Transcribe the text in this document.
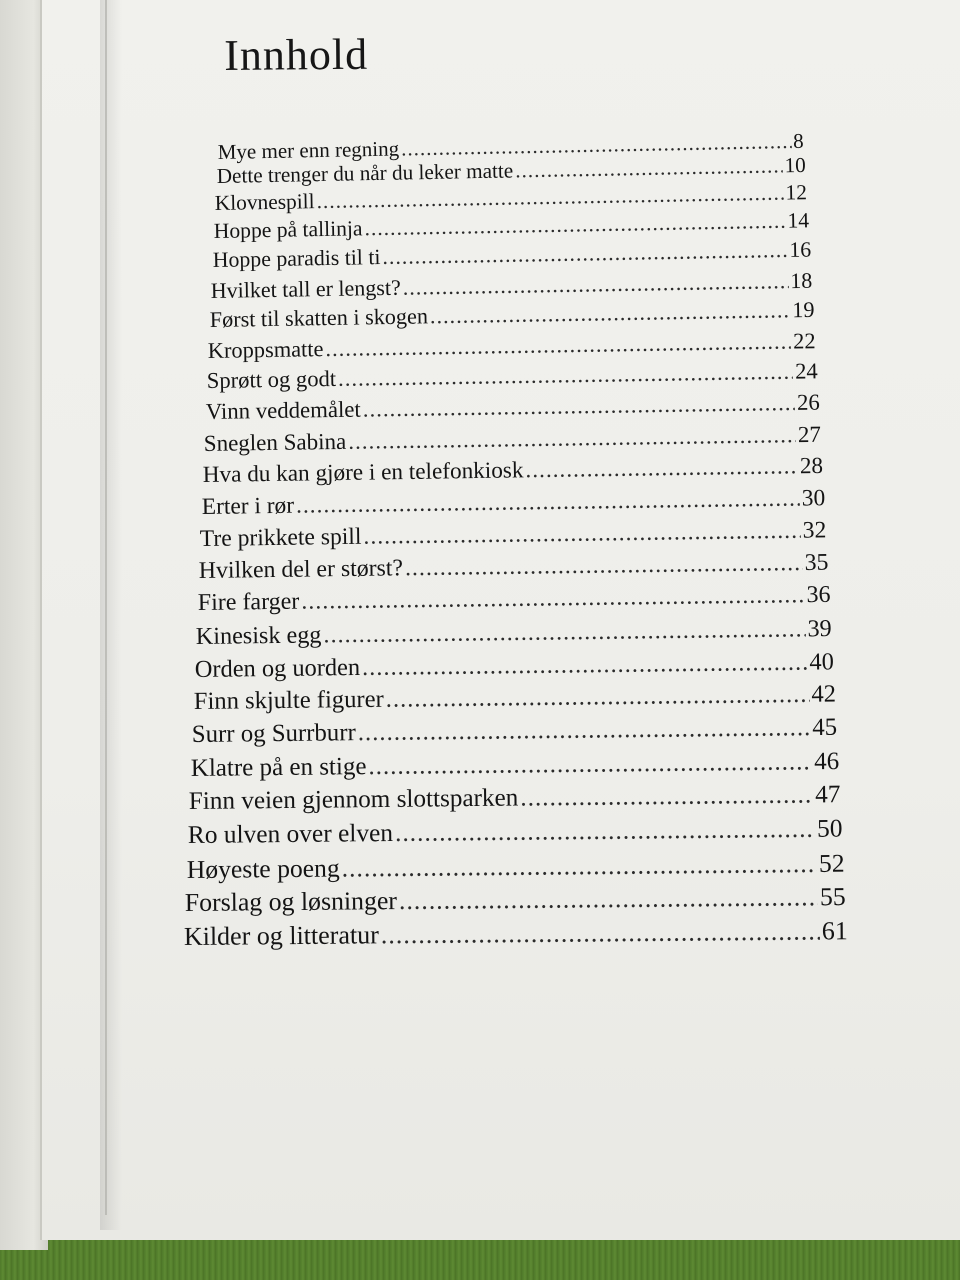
Innhold
Mye mer enn regning .....	8
Dette trenger du når du leker matte .....	10
Klovnespill .....	12
Hoppe på tallinja .....	14
Hoppe paradis til ti .....	16
Hvilket tall er lengst? .....	18
Først til skatten i skogen .....	19
Kroppsmatte .....	22
Sprøtt og godt .....	24
Vinn veddemålet .....	26
Sneglen Sabina .....	27
Hva du kan gjøre i en telefonkiosk .....	28
Erter i rør .....	30
Tre prikkete spill .....	32
Hvilken del er størst? .....	35
Fire farger .....	36
Kinesisk egg .....	39
Orden og uorden .....	40
Finn skjulte figurer .....	42
Surr og Surrburr .....	45
Klatre på en stige .....	46
Finn veien gjennom slottsparken .....	47
Ro ulven over elven .....	50
Høyeste poeng .....	52
Forslag og løsninger .....	55
Kilder og litteratur .....	61
